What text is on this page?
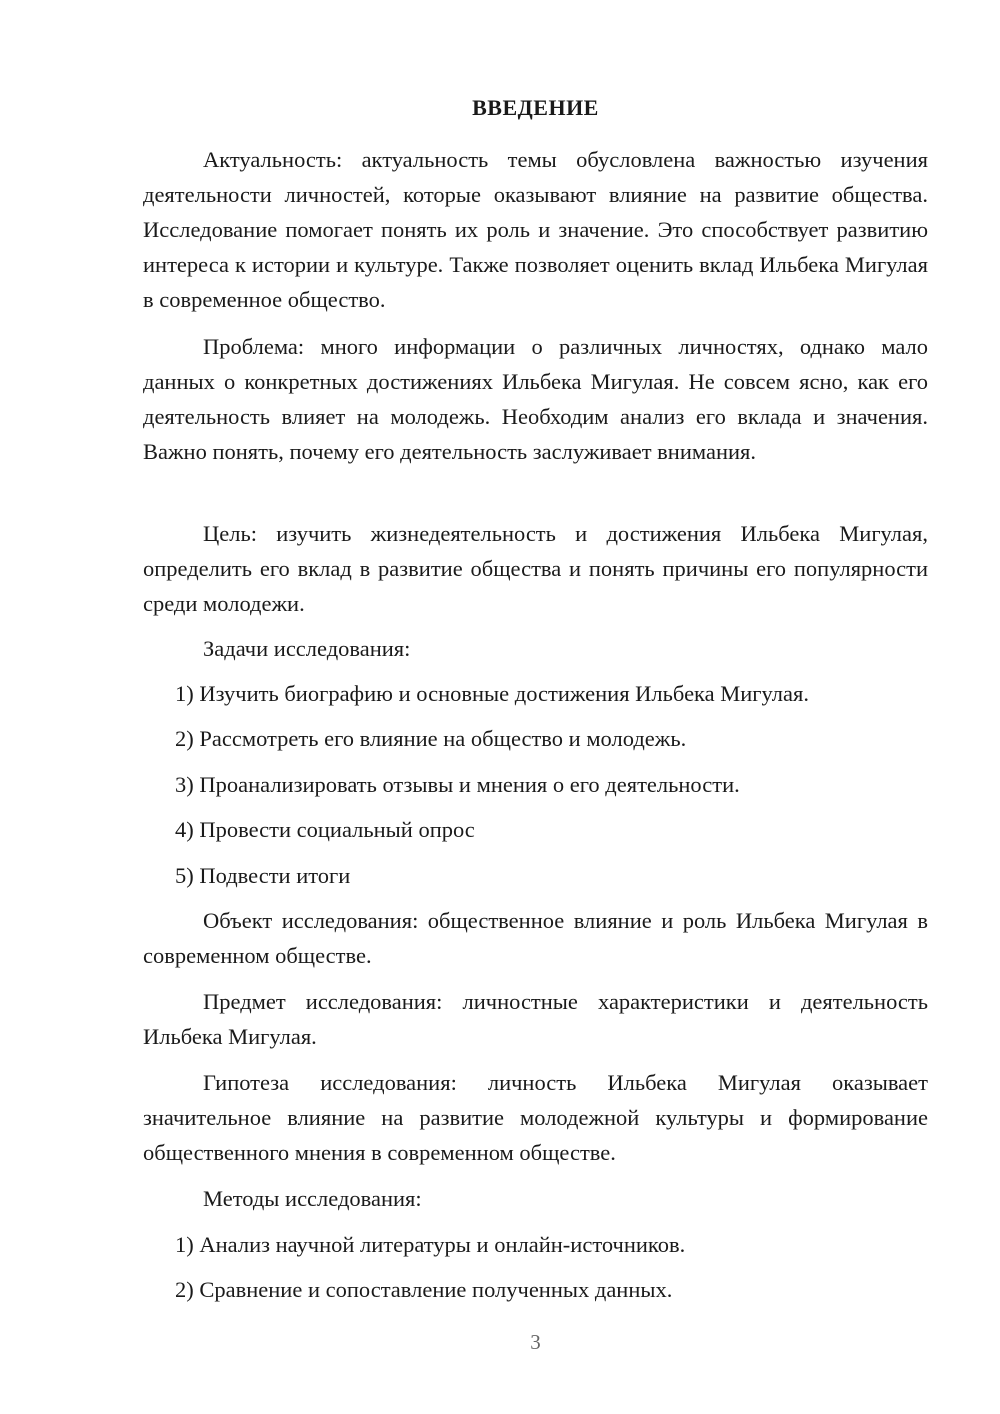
ВВЕДЕНИЕ
Актуальность: актуальность темы обусловлена важностью изучения деятельности личностей, которые оказывают влияние на развитие общества. Исследование помогает понять их роль и значение. Это способствует развитию интереса к истории и культуре. Также позволяет оценить вклад Ильбека Мигулая в современное общество.
Проблема: много информации о различных личностях, однако мало данных о конкретных достижениях Ильбека Мигулая. Не совсем ясно, как его деятельность влияет на молодежь. Необходим анализ его вклада и значения. Важно понять, почему его деятельность заслуживает внимания.
Цель: изучить жизнедеятельность и достижения Ильбека Мигулая, определить его вклад в развитие общества и понять причины его популярности среди молодежи.
Задачи исследования:
1) Изучить биографию и основные достижения Ильбека Мигулая.
2) Рассмотреть его влияние на общество и молодежь.
3) Проанализировать отзывы и мнения о его деятельности.
4) Провести социальный опрос
5) Подвести итоги
Объект исследования: общественное влияние и роль Ильбека Мигулая в современном обществе.
Предмет исследования: личностные характеристики и деятельность Ильбека Мигулая.
Гипотеза исследования: личность Ильбека Мигулая оказывает значительное влияние на развитие молодежной культуры и формирование общественного мнения в современном обществе.
Методы исследования:
1) Анализ научной литературы и онлайн-источников.
2) Сравнение и сопоставление полученных данных.
3
